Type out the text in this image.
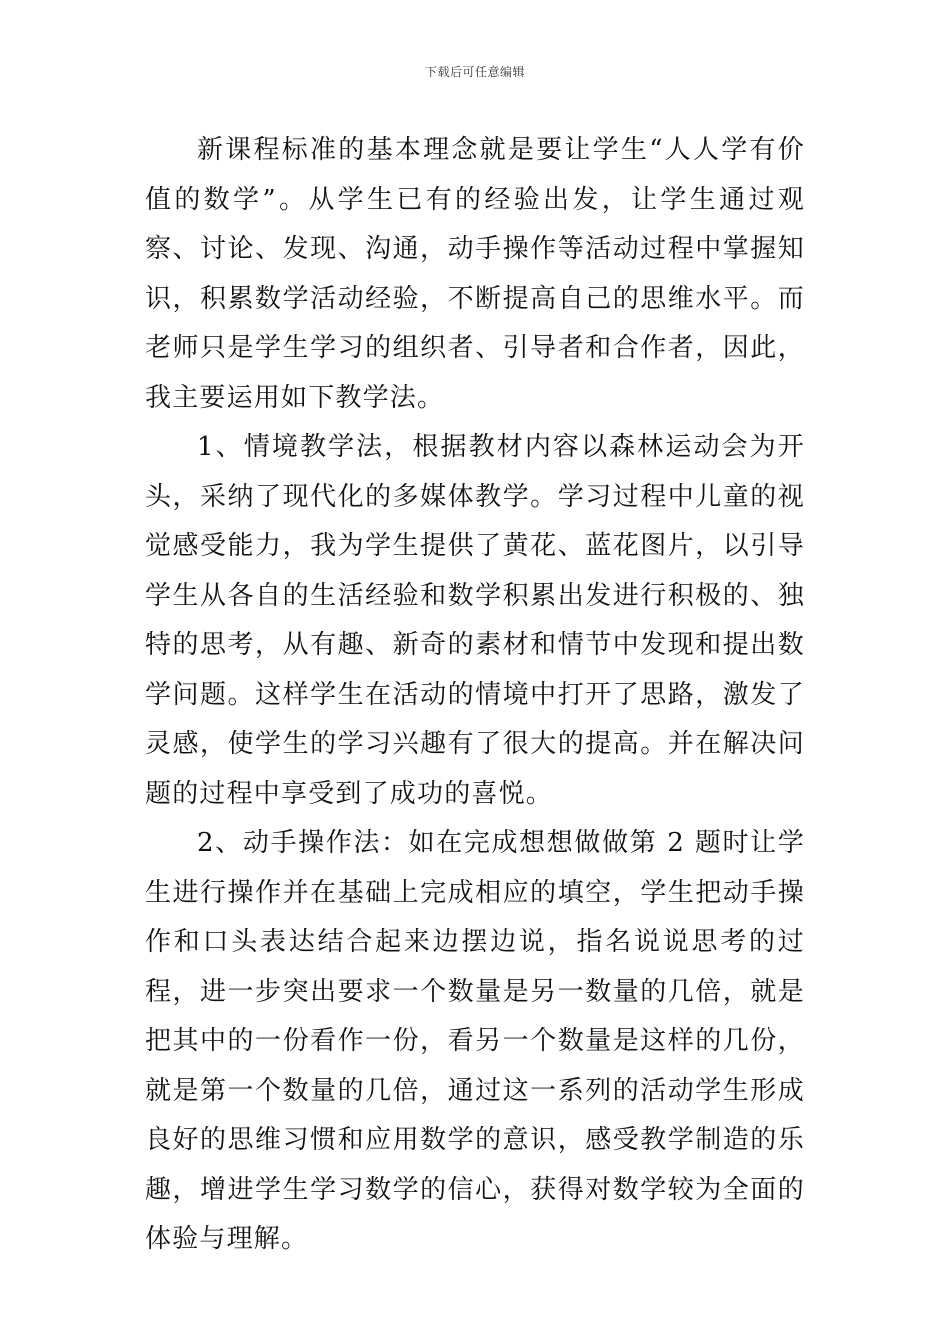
下载后可任意编辑

新课程标准的基本理念就是要让学生“人人学有价值的数学”。从学生已有的经验出发，让学生通过观察、讨论、发现、沟通，动手操作等活动过程中掌握知识，积累数学活动经验，不断提高自己的思维水平。而老师只是学生学习的组织者、引导者和合作者，因此，我主要运用如下教学法。

1、情境教学法，根据教材内容以森林运动会为开头，采纳了现代化的多媒体教学。学习过程中儿童的视觉感受能力，我为学生提供了黄花、蓝花图片，以引导学生从各自的生活经验和数学积累出发进行积极的、独特的思考，从有趣、新奇的素材和情节中发现和提出数学问题。这样学生在活动的情境中打开了思路，激发了灵感，使学生的学习兴趣有了很大的提高。并在解决问题的过程中享受到了成功的喜悦。

2、动手操作法：如在完成想想做做第 2 题时让学生进行操作并在基础上完成相应的填空，学生把动手操作和口头表达结合起来边摆边说，指名说说思考的过程，进一步突出要求一个数量是另一数量的几倍，就是把其中的一份看作一份，看另一个数量是这样的几份，就是第一个数量的几倍，通过这一系列的活动学生形成良好的思维习惯和应用数学的意识，感受教学制造的乐趣，增进学生学习数学的信心，获得对数学较为全面的体验与理解。
